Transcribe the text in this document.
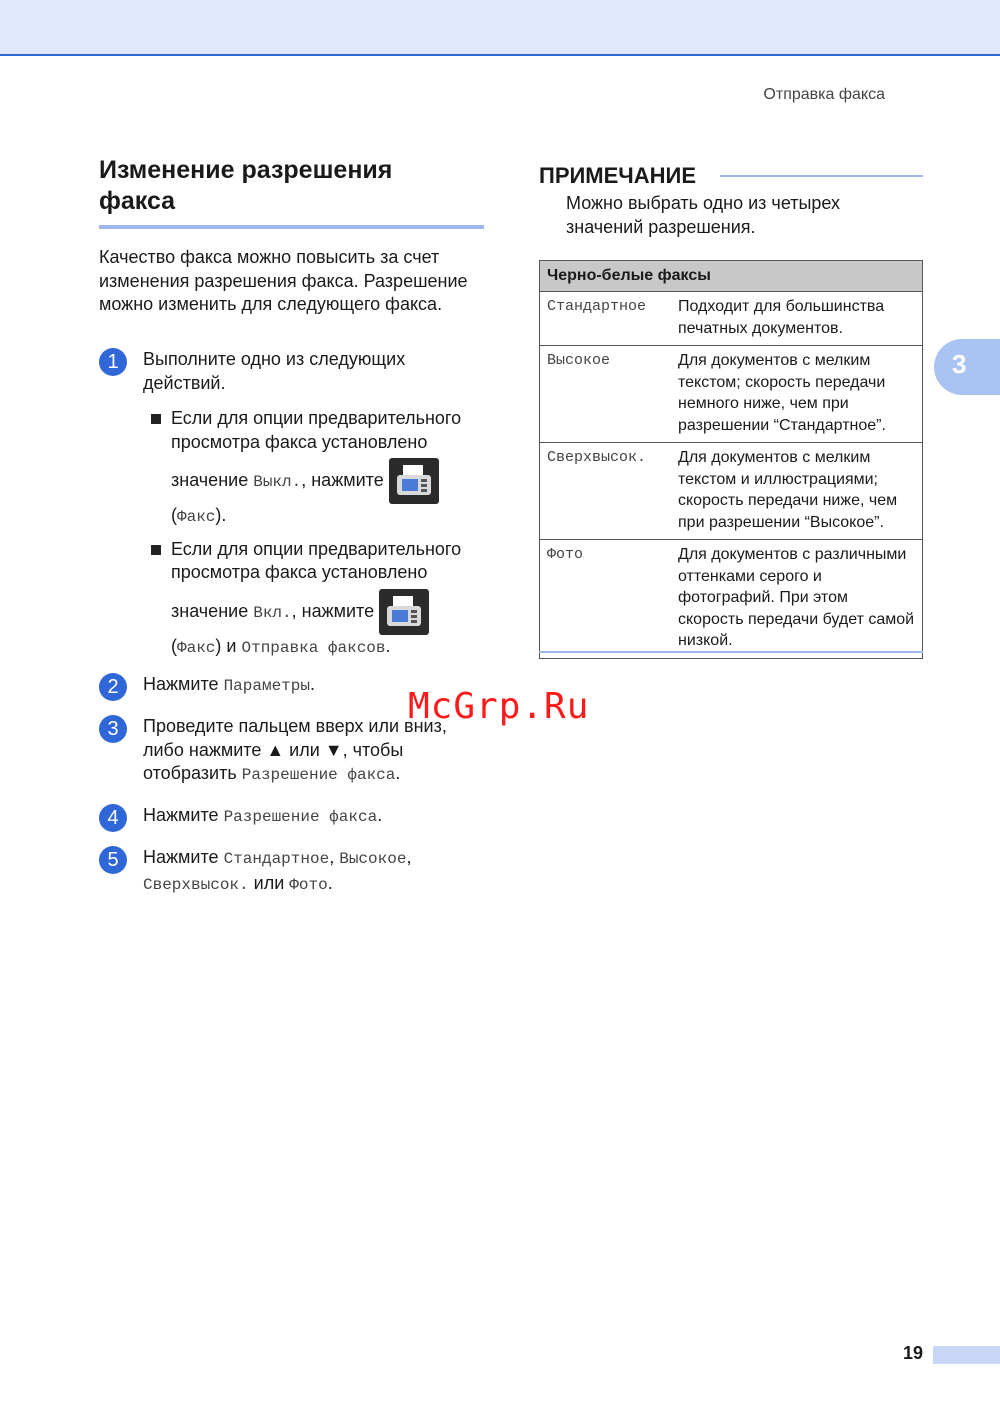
Отправка факса
3
Изменение разрешения
факса
Качество факса можно повысить за счет изменения разрешения факса. Разрешение можно изменить для следующего факса.
1	Выполните одно из следующих действий.
Если для опции предварительного просмотра факса установлено

значение Выкл., нажмите
(Факс).
Если для опции предварительного просмотра факса установлено

значение Вкл., нажмите
(Факс) и Отправка факсов.
2	Нажмите Параметры.
3	Проведите пальцем вверх или вниз, либо нажмите ▲ или ▼, чтобы отобразить Разрешение факса.
4	Нажмите Разрешение факса.
5	Нажмите Стандартное, Высокое, Сверхвысок. или Фото.
ПРИМЕЧАНИЕ
Можно выбрать одно из четырех значений разрешения.
Черно-белые факсы	
Стандартное	Подходит для большинства печатных документов.
Высокое	Для документов с мелким текстом; скорость передачи немного ниже, чем при разрешении “Стандартное”.
Сверхвысок.	Для документов с мелким текстом и иллюстрациями; скорость передачи ниже, чем при разрешении “Высокое”.
Фото	Для документов с различными оттенками серого и фотографий. При этом скорость передачи будет самой низкой.
McGrp.Ru
19
